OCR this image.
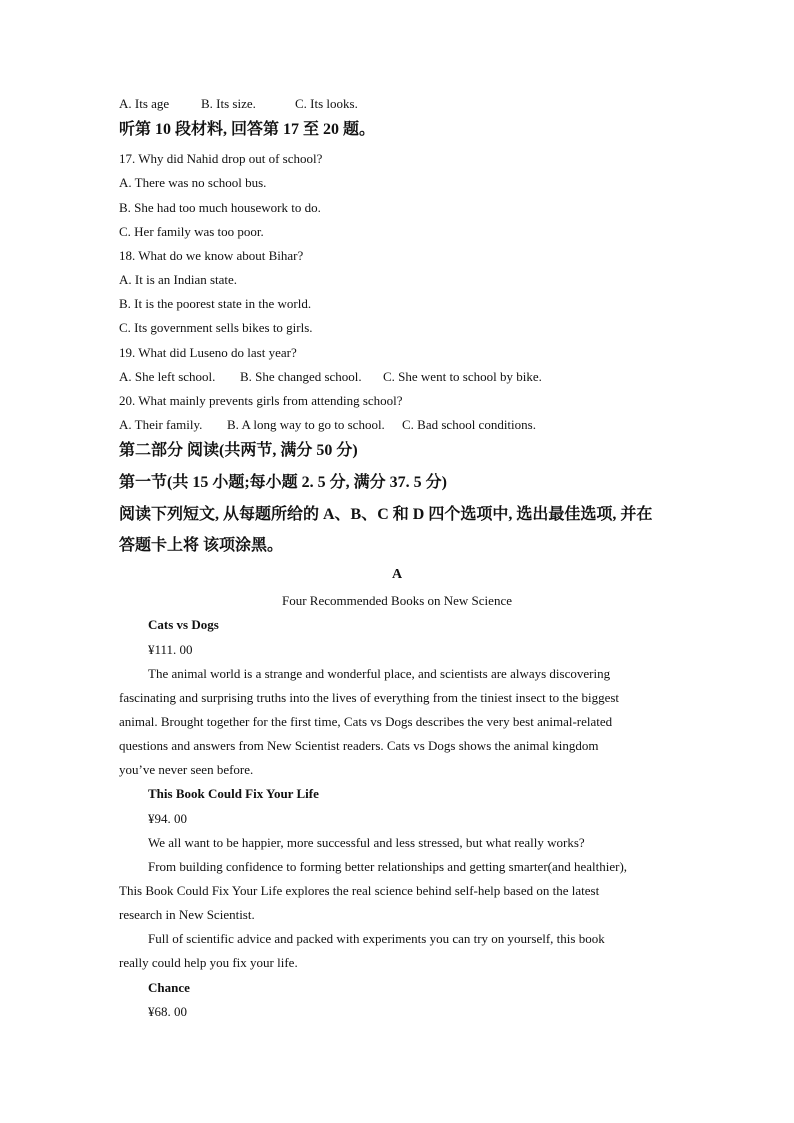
A. Its age B. Its size.	C. Its looks.
听第 10 段材料, 回答第 17 至 20 题。
17. Why did Nahid drop out of school?
A. There was no school bus.
B. She had too much housework to do.
C. Her family was too poor.
18. What do we know about Bihar?
A. It is an Indian state.
B. It is the poorest state in the world.
C. Its government sells bikes to girls.
19. What did Luseno do last year?
A. She left school. B. She changed school. C. She went to school by bike.
20. What mainly prevents girls from attending school?
A. Their family. B. A long way to go to school. C. Bad school conditions.
第二部分 阅读(共两节, 满分 50 分)
第一节(共 15 小题;每小题 2. 5 分, 满分 37. 5 分)
阅读下列短文, 从每题所给的 A、B、C 和 D 四个选项中, 选出最佳选项, 并在
答题卡上将 该项涂黑。
A
Four Recommended Books on New Science
Cats vs Dogs
¥111. 00
The animal world is a strange and wonderful place, and scientists are always discovering
fascinating and surprising truths into the lives of everything from the tiniest insect to the biggest
animal. Brought together for the first time, Cats vs Dogs describes the very best animal-related
questions and answers from New Scientist readers. Cats vs Dogs shows the animal kingdom
you’ve never seen before.
This Book Could Fix Your Life
¥94. 00
We all want to be happier, more successful and less stressed, but what really works?
From building confidence to forming better relationships and getting smarter(and healthier),
This Book Could Fix Your Life explores the real science behind self-help based on the latest
research in New Scientist.
Full of scientific advice and packed with experiments you can try on yourself, this book
really could help you fix your life.
Chance
¥68. 00
